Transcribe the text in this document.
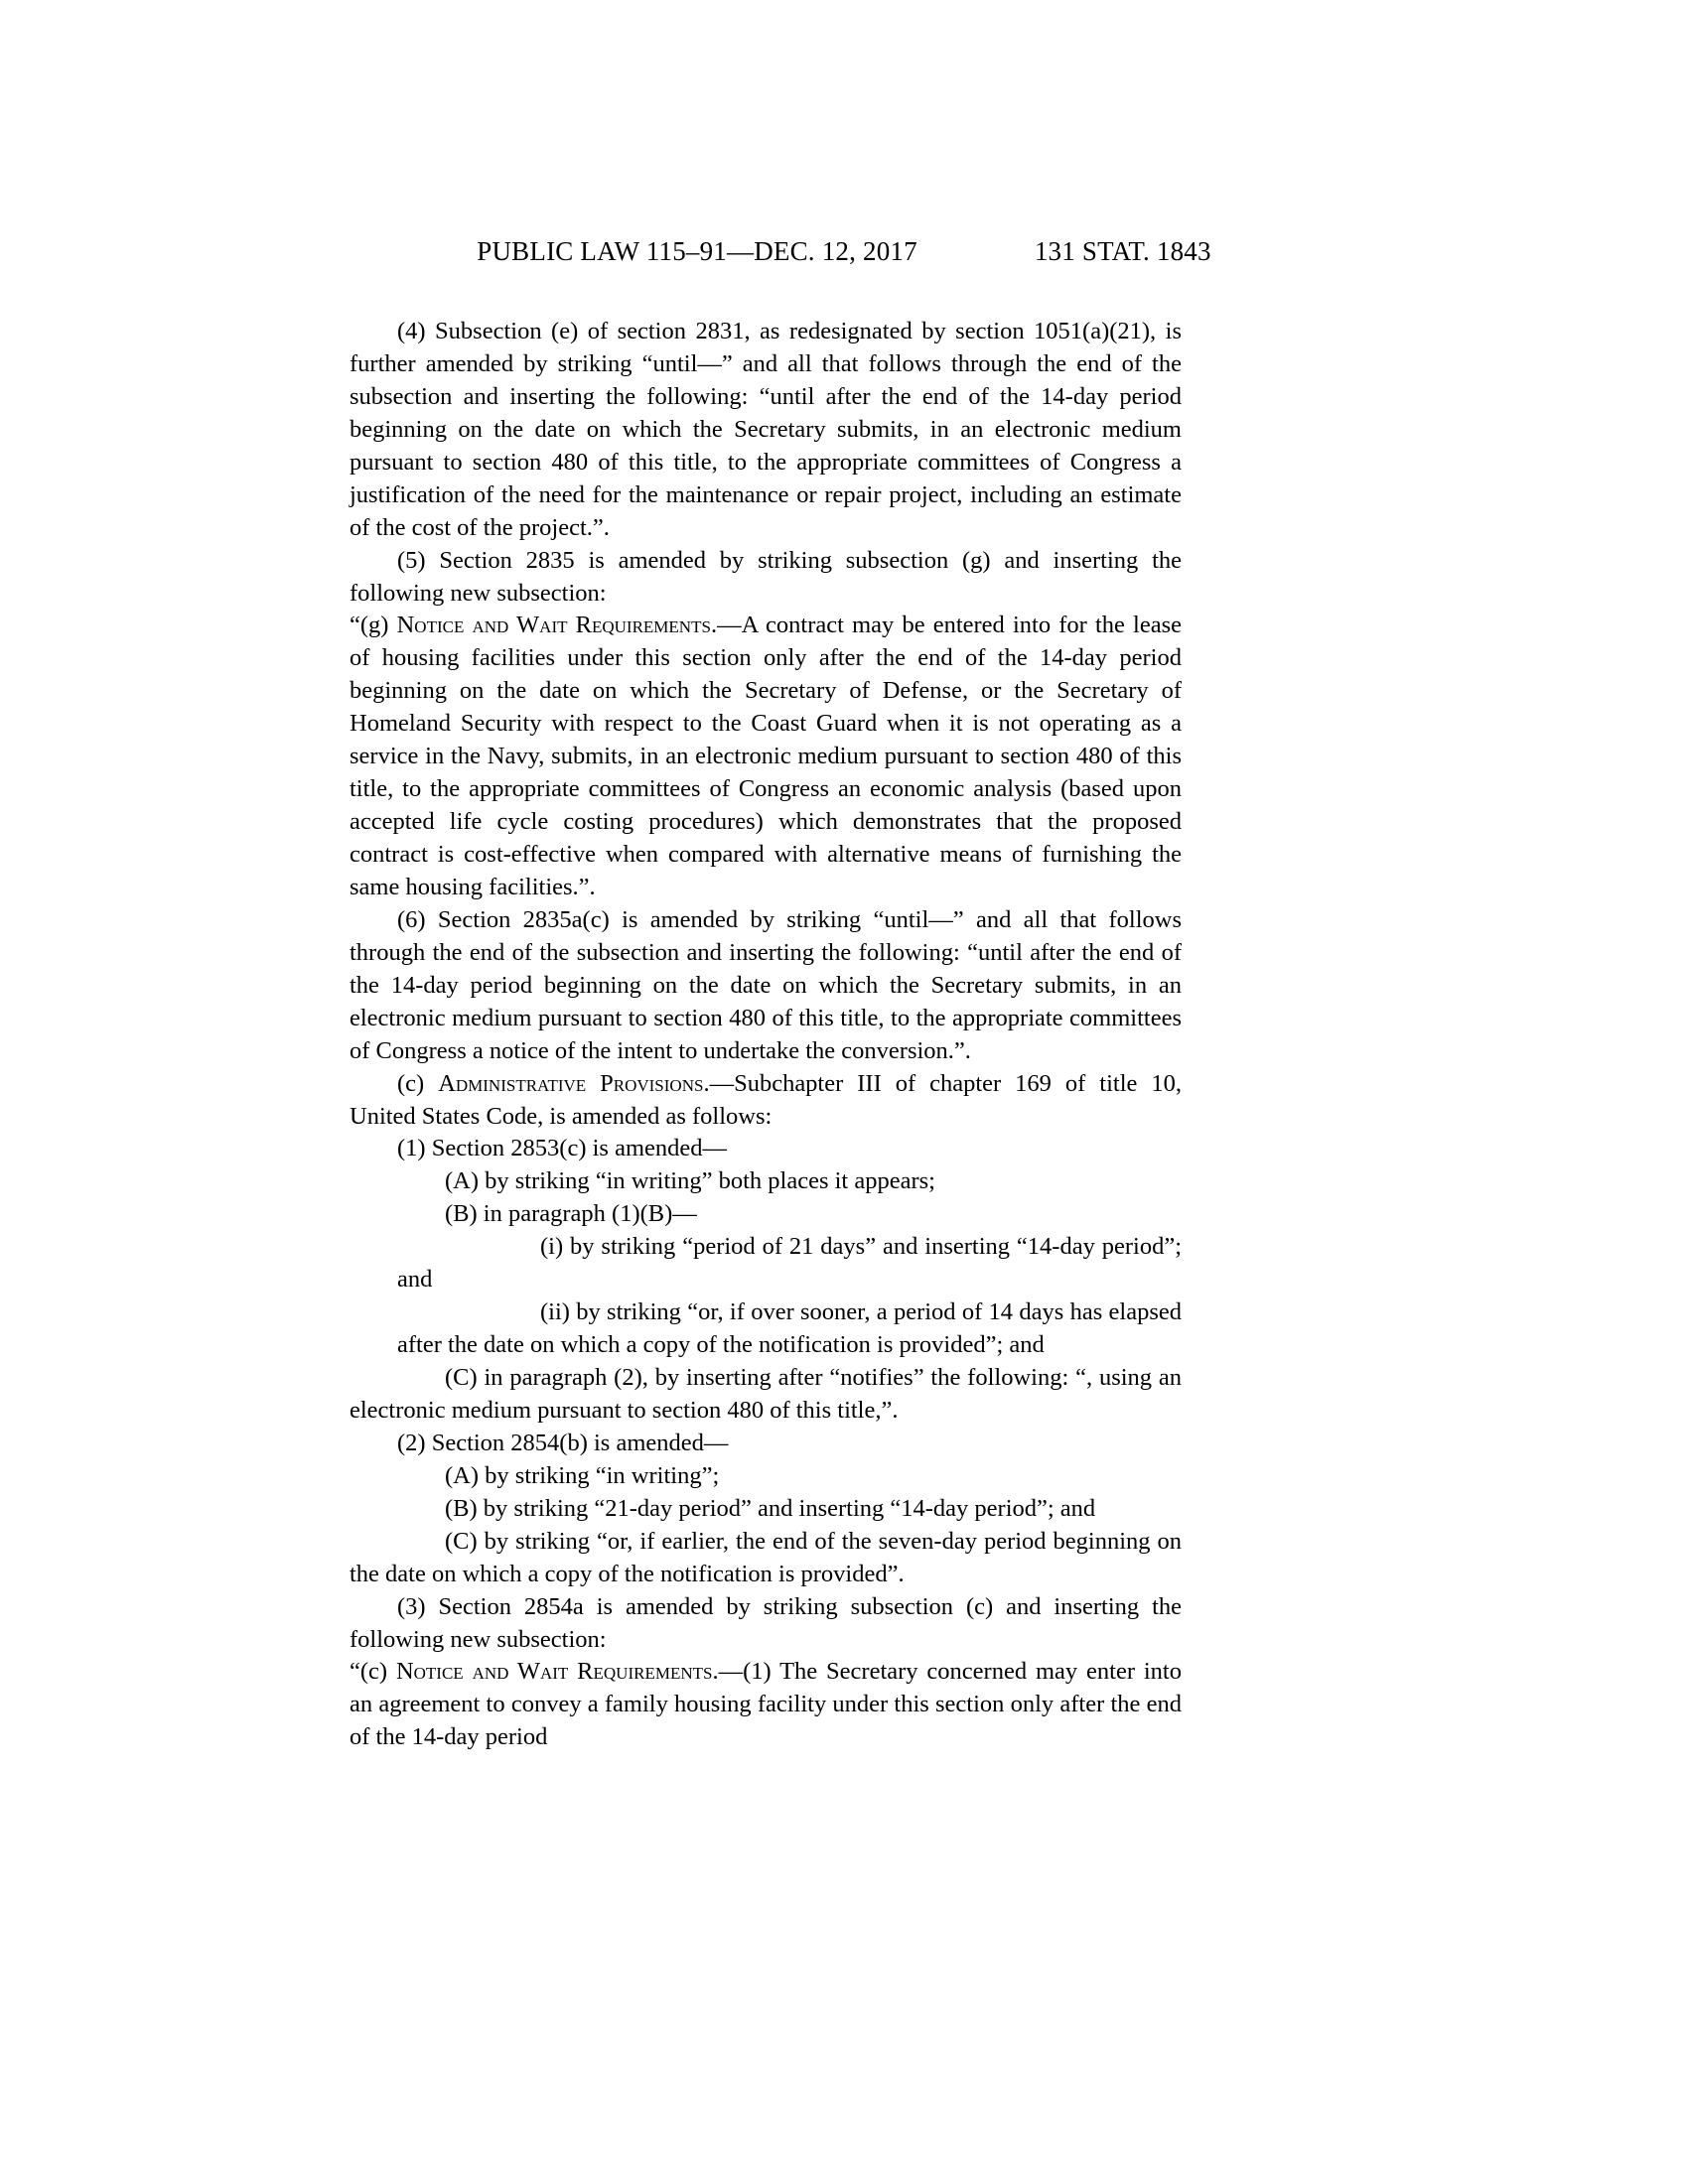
PUBLIC LAW 115–91—DEC. 12, 2017	131 STAT. 1843

(4) Subsection (e) of section 2831, as redesignated by section 1051(a)(21), is further amended by striking “until—” and all that follows through the end of the subsection and inserting the following: “until after the end of the 14-day period beginning on the date on which the Secretary submits, in an electronic medium pursuant to section 480 of this title, to the appropriate committees of Congress a justification of the need for the maintenance or repair project, including an estimate of the cost of the project.”.

(5) Section 2835 is amended by striking subsection (g) and inserting the following new subsection:

“(g) Notice and Wait Requirements.—A contract may be entered into for the lease of housing facilities under this section only after the end of the 14-day period beginning on the date on which the Secretary of Defense, or the Secretary of Homeland Security with respect to the Coast Guard when it is not operating as a service in the Navy, submits, in an electronic medium pursuant to section 480 of this title, to the appropriate committees of Congress an economic analysis (based upon accepted life cycle costing procedures) which demonstrates that the proposed contract is cost-effective when compared with alternative means of furnishing the same housing facilities.”.

(6) Section 2835a(c) is amended by striking “until—” and all that follows through the end of the subsection and inserting the following: “until after the end of the 14-day period beginning on the date on which the Secretary submits, in an electronic medium pursuant to section 480 of this title, to the appropriate committees of Congress a notice of the intent to undertake the conversion.”.

(c) Administrative Provisions.—Subchapter III of chapter 169 of title 10, United States Code, is amended as follows:

(1) Section 2853(c) is amended—

(A) by striking “in writing” both places it appears;

(B) in paragraph (1)(B)—

(i) by striking “period of 21 days” and inserting “14-day period”; and

(ii) by striking “or, if over sooner, a period of 14 days has elapsed after the date on which a copy of the notification is provided”; and

(C) in paragraph (2), by inserting after “notifies” the following: “, using an electronic medium pursuant to section 480 of this title,”.

(2) Section 2854(b) is amended—

(A) by striking “in writing”;

(B) by striking “21-day period” and inserting “14-day period”; and

(C) by striking “or, if earlier, the end of the seven-day period beginning on the date on which a copy of the notification is provided”.

(3) Section 2854a is amended by striking subsection (c) and inserting the following new subsection:

“(c) Notice and Wait Requirements.—(1) The Secretary concerned may enter into an agreement to convey a family housing facility under this section only after the end of the 14-day period
